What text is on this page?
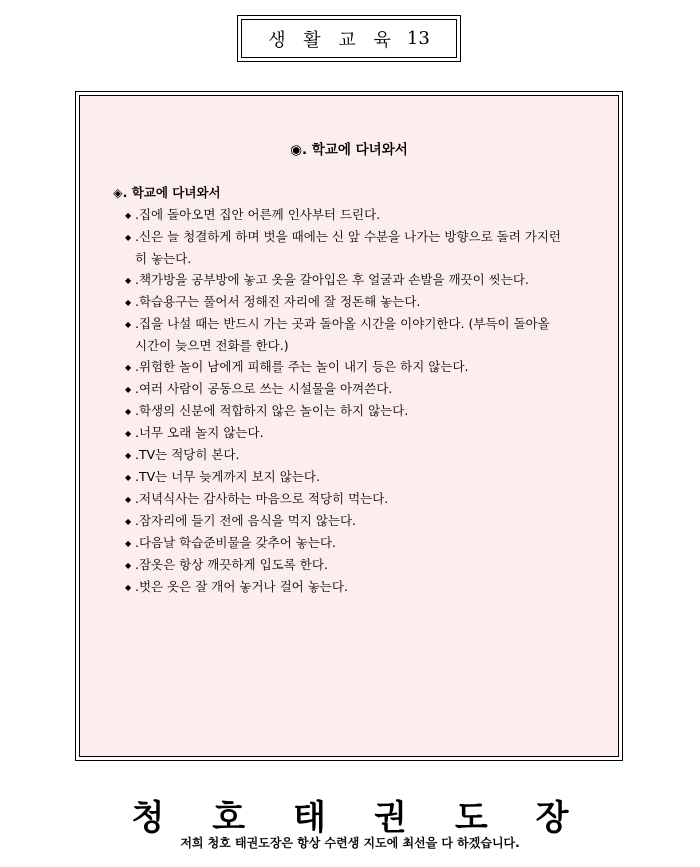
생 활 교 육 13
◉. 학교에 다녀와서
◈. 학교에 다녀와서
◆ .집에 돌아오면 집안 어른께 인사부터 드린다.
◆ .신은 늘 청결하게 하며 벗을 때에는 신 앞 수분을 나가는 방향으로 돌려 가지런히 놓는다.
◆ .책가방을 공부방에 놓고 옷을 갈아입은 후 얼굴과 손발을 깨끗이 씻는다.
◆ .학습용구는 풀어서 정해진 자리에 잘 정돈해 놓는다.
◆ .집을 나설 때는 반드시 가는 곳과 돌아올 시간을 이야기한다. (부득이 돌아올 시간이 늦으면 전화를 한다.)
◆ .위험한 놀이 남에게 피해를 주는 놀이 내기 등은 하지 않는다.
◆ .여러 사람이 공동으로 쓰는 시설물을 아껴쓴다.
◆ .학생의 신분에 적합하지 않은 놀이는 하지 않는다.
◆ .너무 오래 놀지 않는다.
◆ .TV는 적당히 본다.
◆ .TV는 너무 늦게까지 보지 않는다.
◆ .저녁식사는 감사하는 마음으로 적당히 먹는다.
◆ .잠자리에 들기 전에 음식을 먹지 않는다.
◆ .다음날 학습준비물을 갖추어 놓는다.
◆ .잠옷은 항상 깨끗하게 입도록 한다.
◆ .벗은 옷은 잘 개어 놓거나 걸어 놓는다.
청호태권도장
저희 청호 태권도장은 항상 수련생 지도에 최선을 다 하겠습니다.
